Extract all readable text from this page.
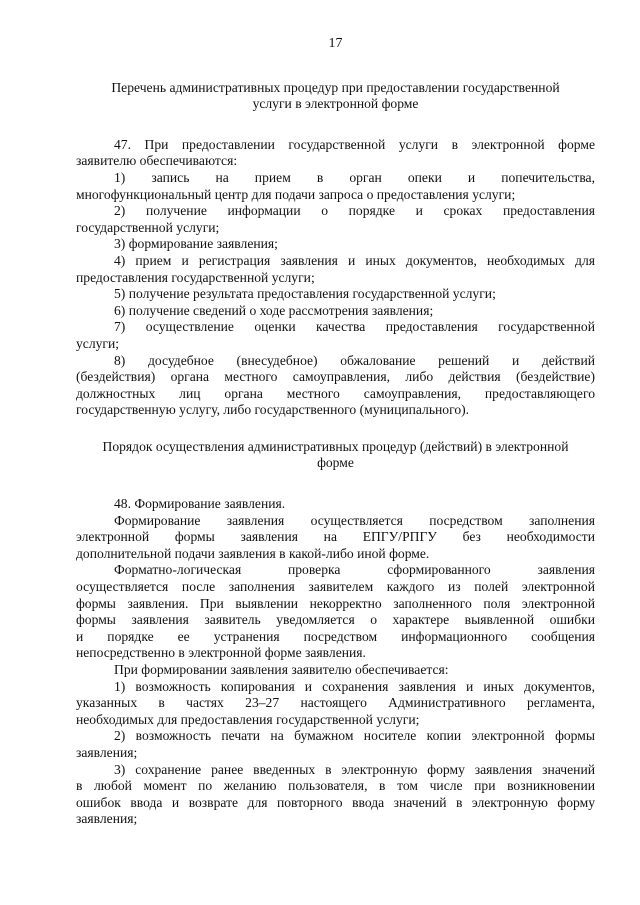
17
Перечень административных процедур при предоставлении государственной
услуги в электронной форме
47. При предоставлении государственной услуги в электронной форме
заявителю обеспечиваются:
1) запись на прием в орган опеки и попечительства,
многофункциональный центр для подачи запроса о предоставления услуги;
2) получение информации о порядке и сроках предоставления
государственной услуги;
3) формирование заявления;
4) прием и регистрация заявления и иных документов, необходимых для
предоставления государственной услуги;
5) получение результата предоставления государственной услуги;
6) получение сведений о ходе рассмотрения заявления;
7) осуществление оценки качества предоставления государственной
услуги;
8) досудебное (внесудебное) обжалование решений и действий
(бездействия) органа местного самоуправления, либо действия (бездействие)
должностных лиц органа местного самоуправления, предоставляющего
государственную услугу, либо государственного (муниципального).
Порядок осуществления административных процедур (действий) в электронной
форме
48. Формирование заявления.
Формирование заявления осуществляется посредством заполнения
электронной формы заявления на ЕПГУ/РПГУ без необходимости
дополнительной подачи заявления в какой-либо иной форме.
Форматно-логическая проверка сформированного заявления
осуществляется после заполнения заявителем каждого из полей электронной
формы заявления. При выявлении некорректно заполненного поля электронной
формы заявления заявитель уведомляется о характере выявленной ошибки
и порядке ее устранения посредством информационного сообщения
непосредственно в электронной форме заявления.
При формировании заявления заявителю обеспечивается:
1) возможность копирования и сохранения заявления и иных документов,
указанных в частях 23–27 настоящего Административного регламента,
необходимых для предоставления государственной услуги;
2) возможность печати на бумажном носителе копии электронной формы
заявления;
3) сохранение ранее введенных в электронную форму заявления значений
в любой момент по желанию пользователя, в том числе при возникновении
ошибок ввода и возврате для повторного ввода значений в электронную форму
заявления;
